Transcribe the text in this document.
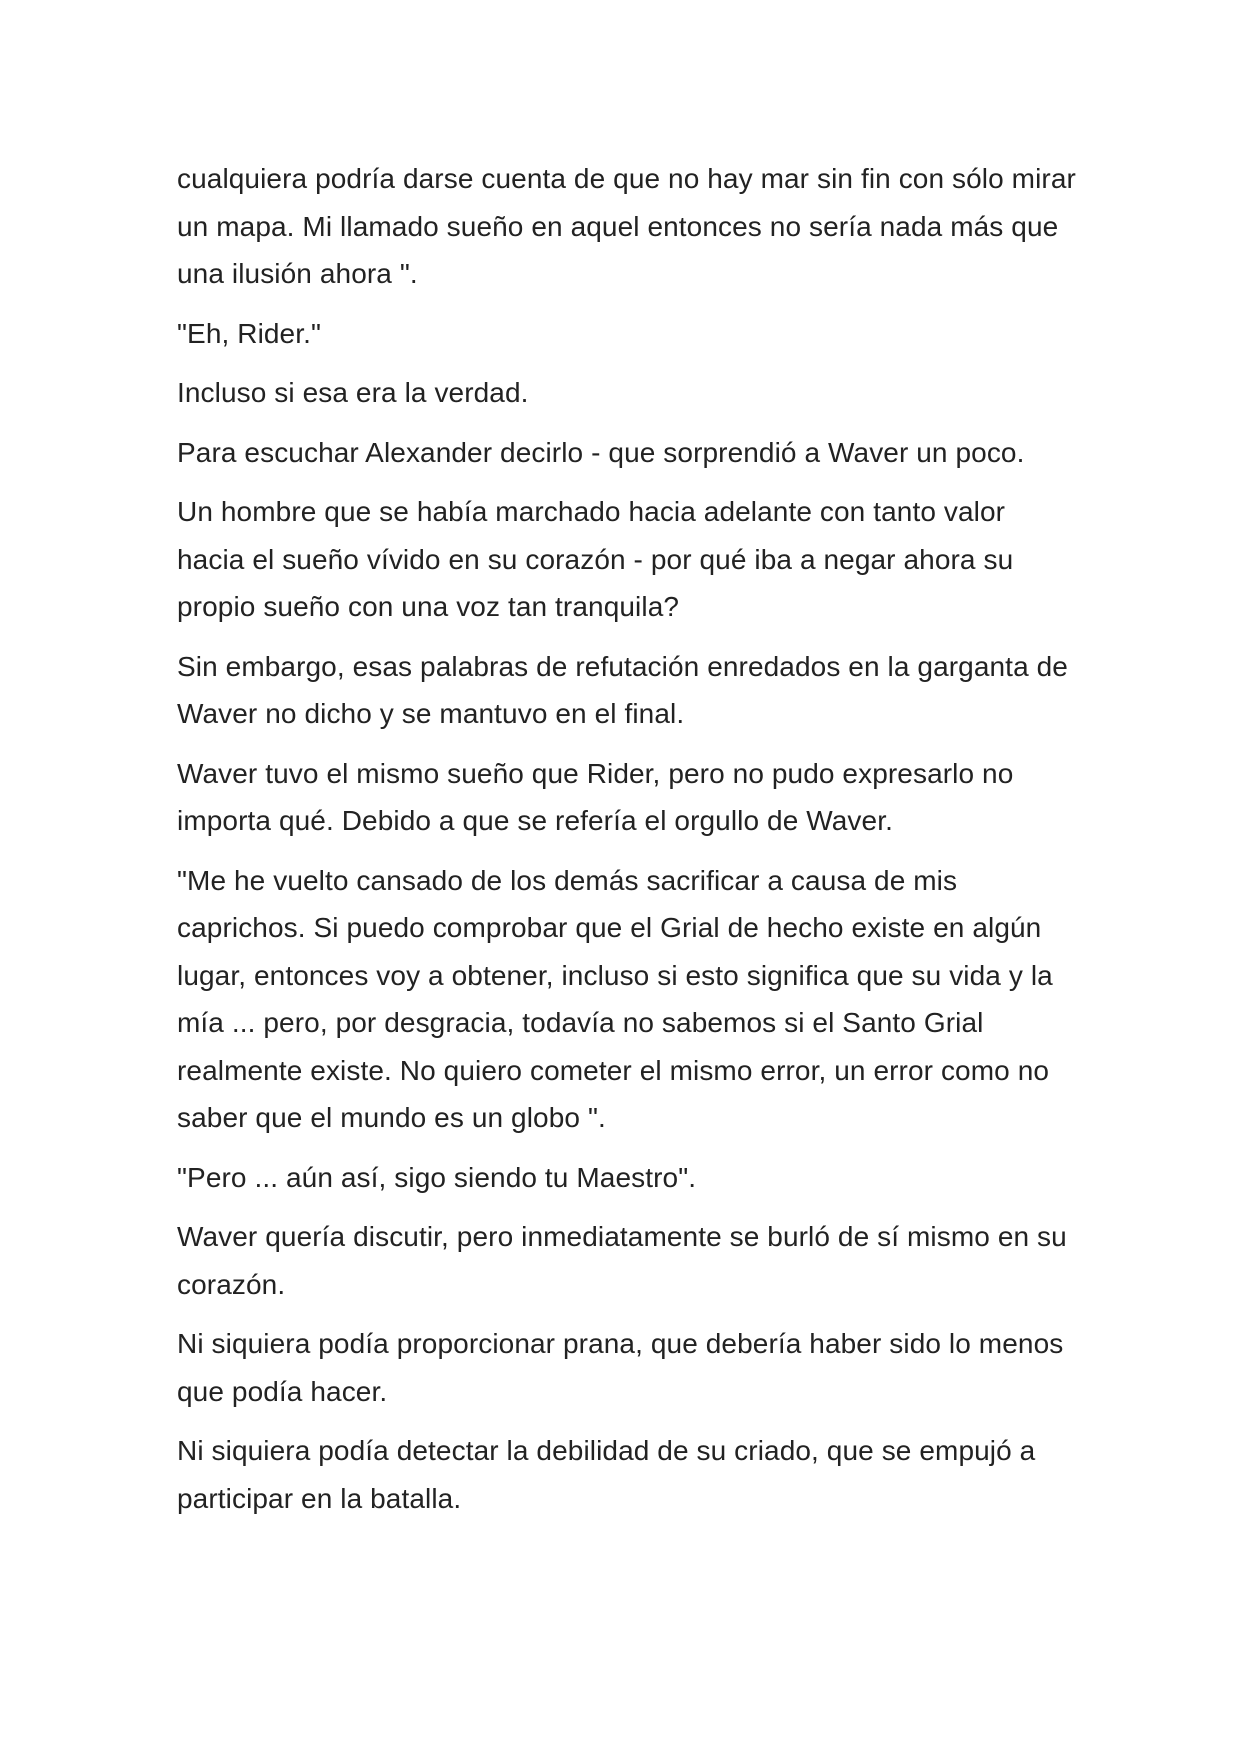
cualquiera podría darse cuenta de que no hay mar sin fin con sólo mirar un mapa. Mi llamado sueño en aquel entonces no sería nada más que una ilusión ahora ".

"Eh, Rider."

Incluso si esa era la verdad.

Para escuchar Alexander decirlo - que sorprendió a Waver un poco.

Un hombre que se había marchado hacia adelante con tanto valor hacia el sueño vívido en su corazón - por qué iba a negar ahora su propio sueño con una voz tan tranquila?

Sin embargo, esas palabras de refutación enredados en la garganta de Waver no dicho y se mantuvo en el final.

Waver tuvo el mismo sueño que Rider, pero no pudo expresarlo no importa qué. Debido a que se refería el orgullo de Waver.

"Me he vuelto cansado de los demás sacrificar a causa de mis caprichos. Si puedo comprobar que el Grial de hecho existe en algún lugar, entonces voy a obtener, incluso si esto significa que su vida y la mía ... pero, por desgracia, todavía no sabemos si el Santo Grial realmente existe. No quiero cometer el mismo error, un error como no saber que el mundo es un globo ".

"Pero ... aún así, sigo siendo tu Maestro".

Waver quería discutir, pero inmediatamente se burló de sí mismo en su corazón.

Ni siquiera podía proporcionar prana, que debería haber sido lo menos que podía hacer.

Ni siquiera podía detectar la debilidad de su criado, que se empujó a participar en la batalla.
